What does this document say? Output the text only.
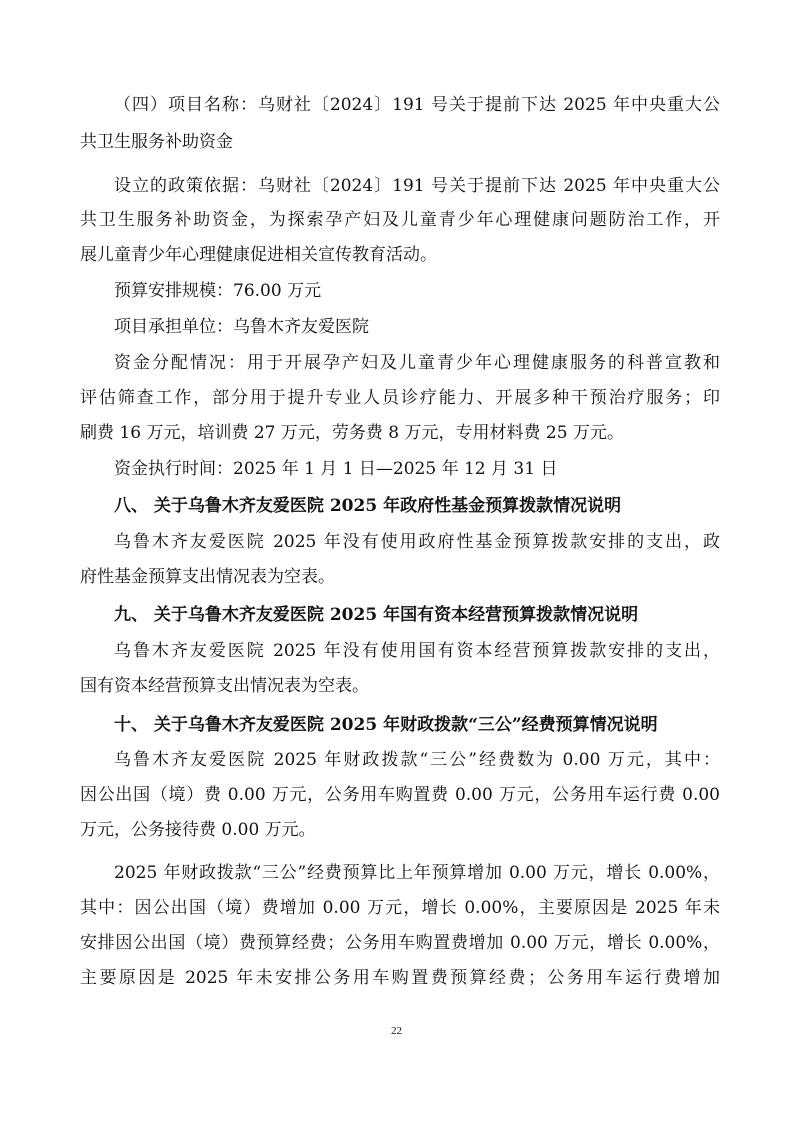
（四）项目名称：乌财社〔2024〕191 号关于提前下达 2025 年中央重大公
共卫生服务补助资金
设立的政策依据：乌财社〔2024〕191 号关于提前下达 2025 年中央重大公
共卫生服务补助资金，为探索孕产妇及儿童青少年心理健康问题防治工作，开
展儿童青少年心理健康促进相关宣传教育活动。
预算安排规模：76.00 万元
项目承担单位：乌鲁木齐友爱医院
资金分配情况：用于开展孕产妇及儿童青少年心理健康服务的科普宣教和
评估筛查工作，部分用于提升专业人员诊疗能力、开展多种干预治疗服务；印
刷费 16 万元，培训费 27 万元，劳务费 8 万元，专用材料费 25 万元。
资金执行时间：2025 年 1 月 1 日—2025 年 12 月 31 日
八、 关于乌鲁木齐友爱医院 2025 年政府性基金预算拨款情况说明
乌鲁木齐友爱医院 2025 年没有使用政府性基金预算拨款安排的支出，政
府性基金预算支出情况表为空表。
九、 关于乌鲁木齐友爱医院 2025 年国有资本经营预算拨款情况说明
乌鲁木齐友爱医院 2025 年没有使用国有资本经营预算拨款安排的支出，
国有资本经营预算支出情况表为空表。
十、 关于乌鲁木齐友爱医院 2025 年财政拨款“三公”经费预算情况说明
乌鲁木齐友爱医院 2025 年财政拨款“三公”经费数为 0.00 万元，其中：
因公出国（境）费 0.00 万元，公务用车购置费 0.00 万元，公务用车运行费 0.00
万元，公务接待费 0.00 万元。
2025 年财政拨款“三公”经费预算比上年预算增加 0.00 万元，增长 0.00%，
其中：因公出国（境）费增加 0.00 万元，增长 0.00%，主要原因是 2025 年未
安排因公出国（境）费预算经费；公务用车购置费增加 0.00 万元，增长 0.00%，
主要原因是 2025 年未安排公务用车购置费预算经费；公务用车运行费增加
22
